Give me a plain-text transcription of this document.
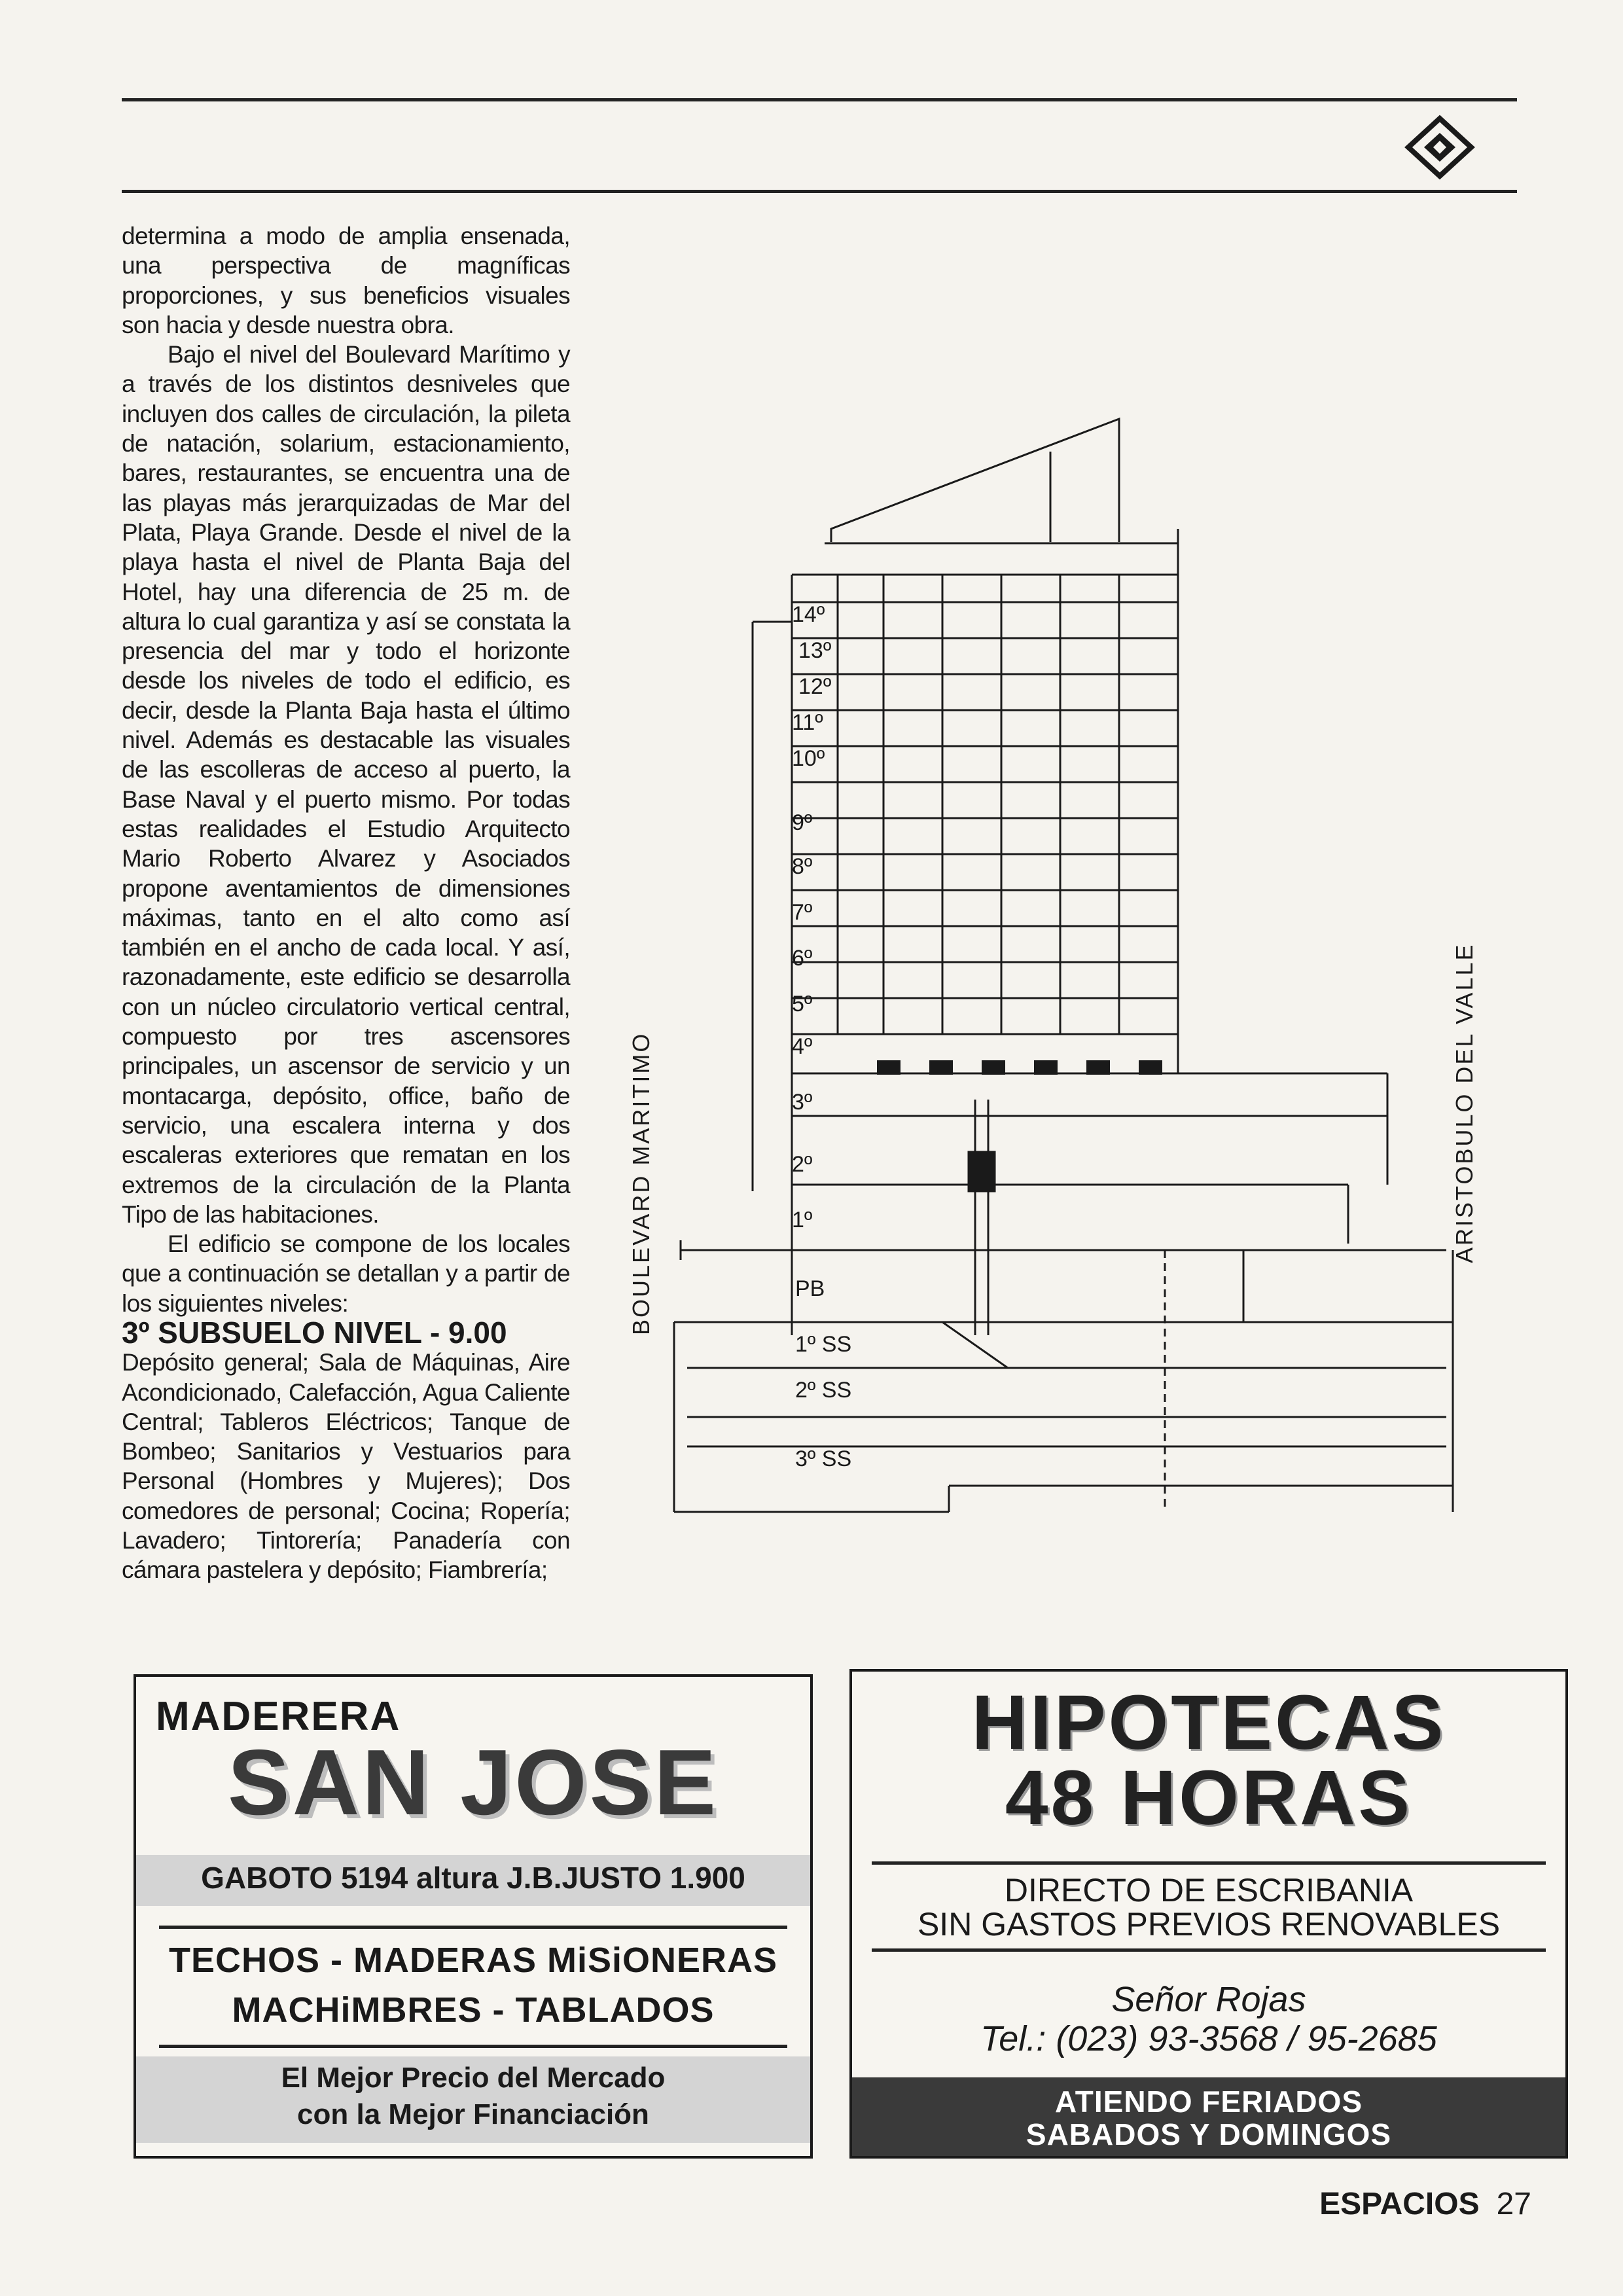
determina a modo de amplia ensenada, una perspectiva de magníficas proporciones, y sus beneficios visuales son hacia y desde nuestra obra.

Bajo el nivel del Boulevard Marítimo y a través de los distintos desniveles que incluyen dos calles de circulación, la pileta de natación, solarium, estacionamiento, bares, restaurantes, se encuentra una de las playas más jerarquizadas de Mar del Plata, Playa Grande. Desde el nivel de la playa hasta el nivel de Planta Baja del Hotel, hay una diferencia de 25 m. de altura lo cual garantiza y así se constata la presencia del mar y todo el horizonte desde los niveles de todo el edificio, es decir, desde la Planta Baja hasta el último nivel. Además es destacable las visuales de las escolleras de acceso al puerto, la Base Naval y el puerto mismo. Por todas estas realidades el Estudio Arquitecto Mario Roberto Alvarez y Asociados propone aventamientos de dimensiones máximas, tanto en el alto como así también en el ancho de cada local. Y así, razonadamente, este edificio se desarrolla con un núcleo circulatorio vertical central, compuesto por tres ascensores principales, un ascensor de servicio y un montacarga, depósito, office, baño de servicio, una escalera interna y dos escaleras exteriores que rematan en los extremos de la circulación de la Planta Tipo de las habitaciones.

El edificio se compone de los locales que a continuación se detallan y a partir de los siguientes niveles:

3º SUBSUELO NIVEL - 9.00

Depósito general; Sala de Máquinas, Aire Acondicionado, Calefacción, Agua Caliente Central; Tableros Eléctricos; Tanque de Bombeo; Sanitarios y Vestuarios para Personal (Hombres y Mujeres); Dos comedores de personal; Cocina; Ropería; Lavadero; Tintorería; Panadería con cámara pastelera y depósito; Fiambrería;

14º
13º
12º
11º
10º
9º
8º
7º
6º
5º
4º
3º
2º
1º
PB
1º SS
2º SS
3º SS
BOULEVARD MARITIMO	ARISTOBULO DEL VALLE
MADERERA
SAN JOSE
GABOTO 5194 altura J.B.JUSTO 1.900
TECHOS - MADERAS MiSiONERAS
MACHiMBRES - TABLADOS
El Mejor Precio del Mercado
con la Mejor Financiación
HIPOTECAS
48 HORAS
DIRECTO DE ESCRIBANIA
SIN GASTOS PREVIOS RENOVABLES
Señor Rojas
Tel.: (023) 93-3568 / 95-2685
ATIENDO FERIADOS
SABADOS Y DOMINGOS
ESPACIOS 27
